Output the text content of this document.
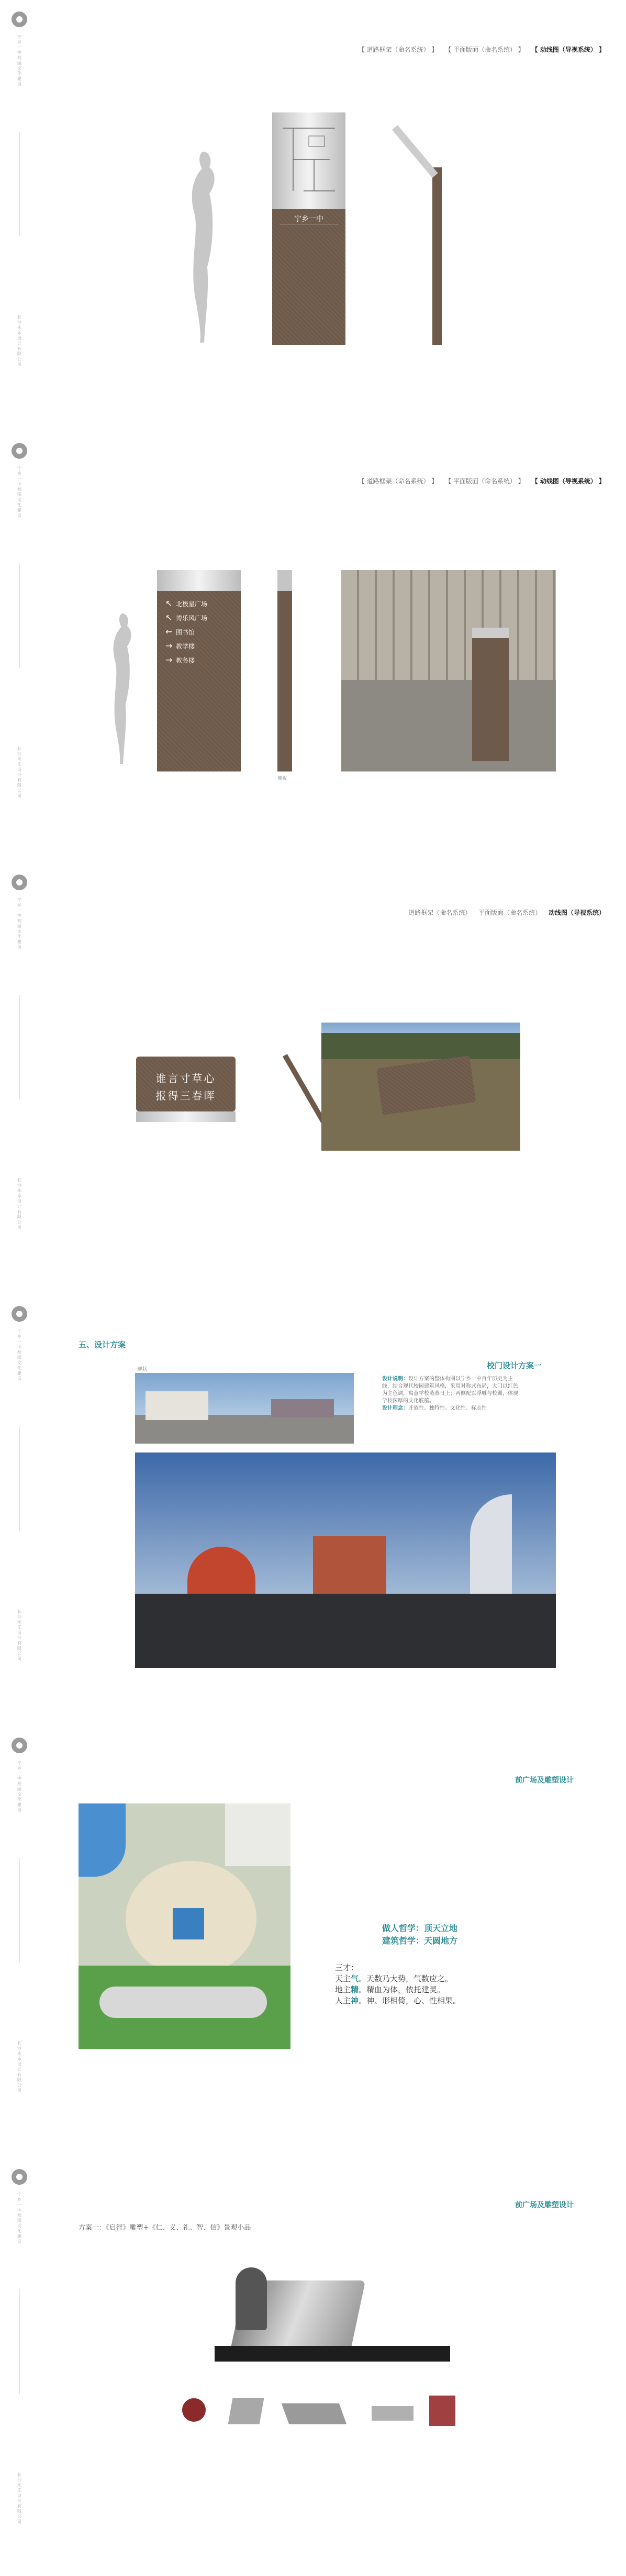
宁乡一中校园文化建设
长沙米乐设计有限公司
【 道路框架（命名系统） 】 【 平面版面（命名系统） 】 【 动线图（导视系统） 】
宁乡一中
宁乡一中校园文化建设
长沙米乐设计有限公司
【 道路框架（命名系统） 】 【 平面版面（命名系统） 】 【 动线图（导视系统） 】
↖ 北极星广场
↖ 博乐风广场
← 图书馆
→ 教学楼
→ 教务楼
侧视
宁乡一中校园文化建设
长沙米乐设计有限公司
道路框架（命名系统） 平面版面（命名系统） 动线图（导视系统）
谁言寸草心
报得三春晖
宁乡一中校园文化建设
长沙米乐设计有限公司
五、设计方案
现状	校门设计方案一
设计说明：设计方案的整体构图以宁乡一中百年历史为主线，结合现代校园建筑风格，采用对称式布局，大门以红色为主色调，寓意学校蒸蒸日上；两侧配以浮雕与校训，体现学校深厚的文化底蕴。
设计理念：开放性、独特性、文化性、标志性
宁乡一中校园文化建设
长沙米乐设计有限公司
前广场及雕塑设计
做人哲学：顶天立地
建筑哲学：天圆地方
三才：
天主气。天数乃大势，气数应之。
地主精。精血为体，依托建灵。
人主神。神、形相倚，心、性相果。
宁乡一中校园文化建设
长沙米乐设计有限公司
前广场及雕塑设计
方案一：《启智》雕塑+《仁、义、礼、智、信》景观小品
